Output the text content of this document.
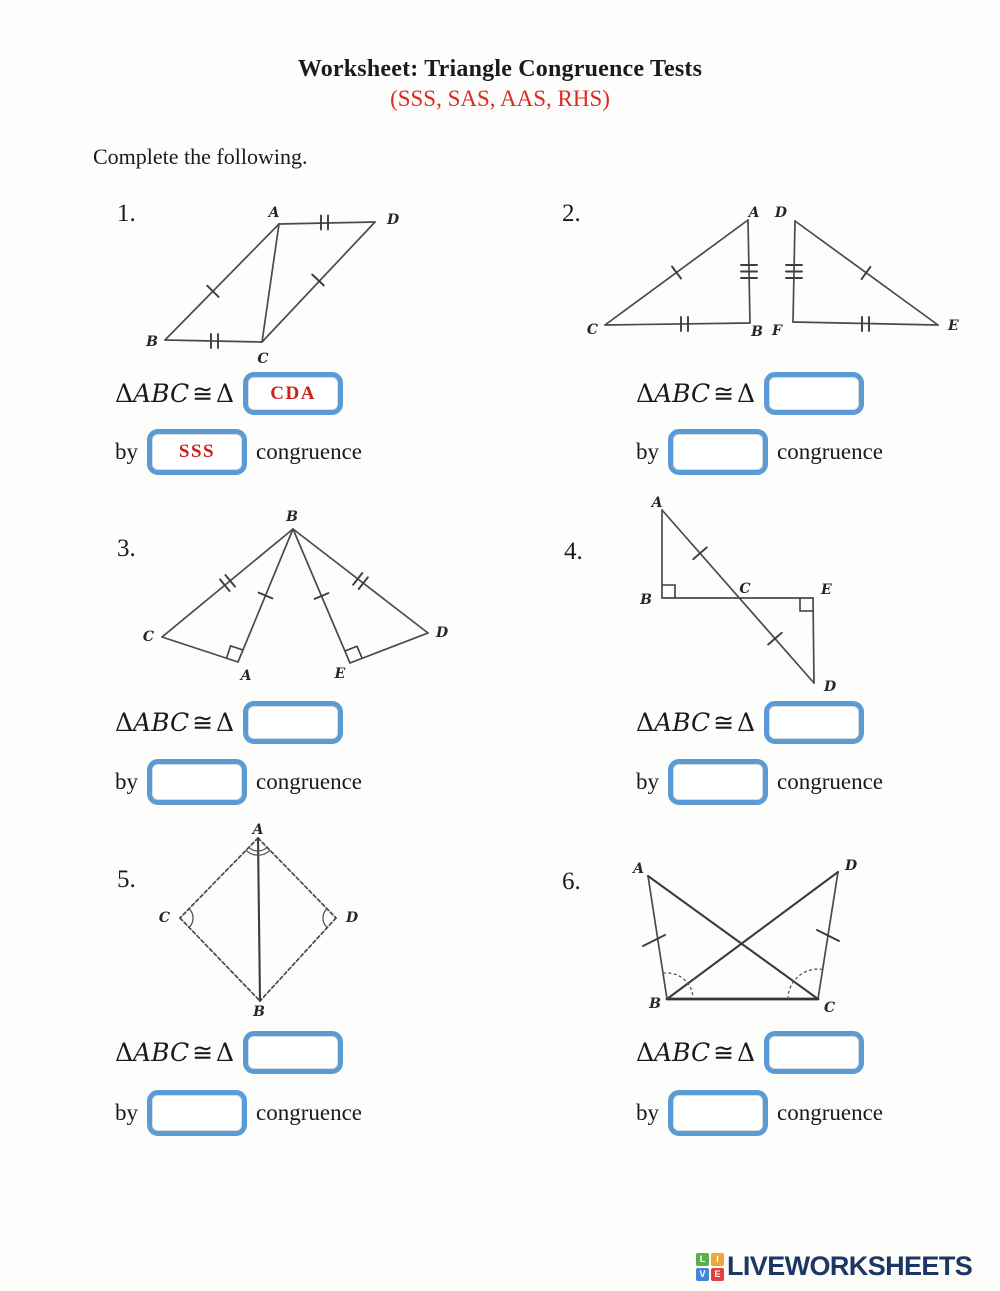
Worksheet: Triangle Congruence Tests
(SSS, SAS, AAS, RHS)
Complete the following.
1.	A	D
B
C
ΔABC ≅ Δ CDA
by SSS congruence
2.	A D
C	B F	E
ΔABC ≅ Δ
by	congruence
3.
B
C
A	E
D
ΔABC ≅ Δ
by	congruence
4.
A
B
C	E
D
ΔABC ≅ Δ
by	congruence
5.
A
C	D
B
ΔABC ≅ Δ
by	congruence
6.	A	D
B	C
ΔABC ≅ Δ
by	congruence
L	I
V E LIVEWORKSHEETS
